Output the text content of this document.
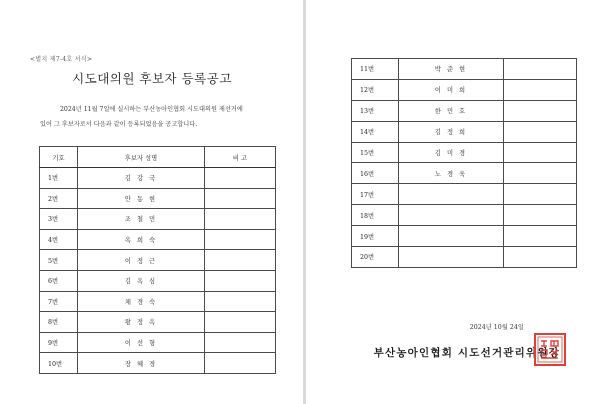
<별지 제7-4호 서식>
시도대의원 후보자 등록공고
2024년 11월 7일에 실시하는 부산농아인협회 시도대의원 제선거에
있어 그 후보자로서 다음과 같이 등록되었음을 공고합니다.
기호	후보자 성명	비 고
1번	김 강 국	
2번	안 동 현	
3번	조 철 민	
4번	옥 희 숙	
5번	이 정 근	
6번	김 옥 심	
7번	채 경 숙	
8번	왕 정 옥	
9번	이 선 형	
10번	장 혜 경	
2024년 10월 24일
부산농아인협회 시도선거관리위원장
11번	박 준 현	
12번	이 미 희	
13번	한 민 호	
14번	김 정 희	
15번	김 미 경	
16번	노 경 욱	
17번		
18번		
19번		
20번		
